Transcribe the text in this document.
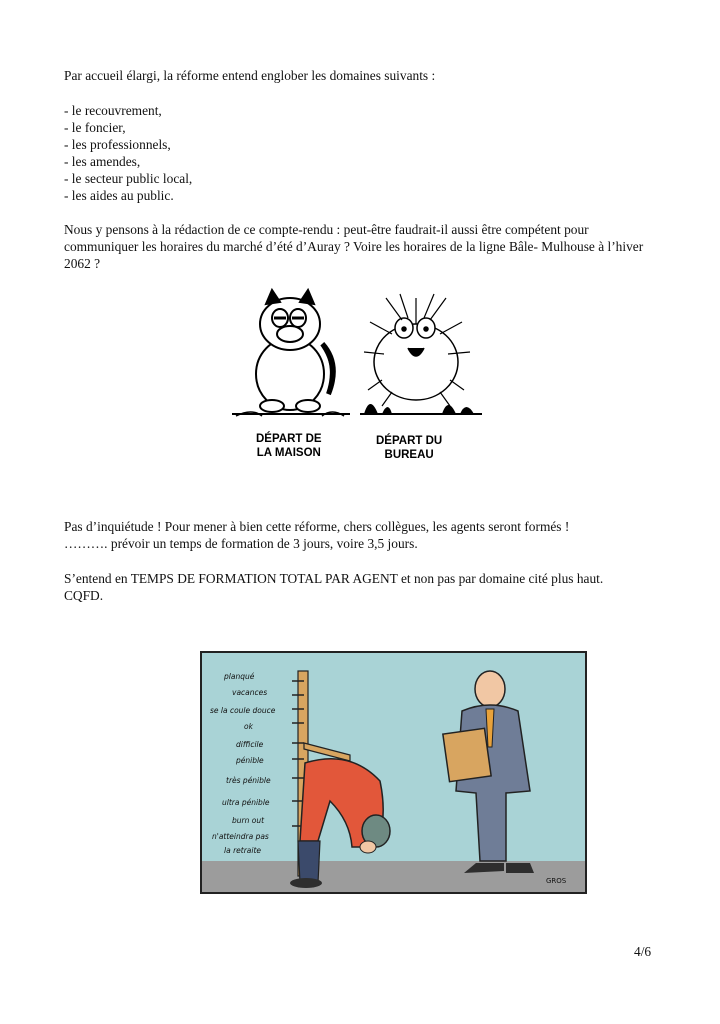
Par accueil élargi, la réforme entend englober les domaines suivants :

- le recouvrement,
- le foncier,
- les professionnels,
- les amendes,
- le secteur public local,
- les aides au public.

Nous y pensons à la rédaction de ce compte-rendu : peut-être faudrait-il aussi être compétent pour communiquer les horaires du marché d’été d’Auray ? Voire les horaires de la ligne Bâle- Mulhouse à l’hiver 2062 ?

DÉPART DE
LA MAISON
DÉPART DU
BUREAU

Pas d’inquiétude ! Pour mener à bien cette réforme, chers collègues, les agents seront formés !
………. prévoir un temps de formation de 3 jours, voire 3,5 jours.

S’entend en TEMPS DE FORMATION TOTAL PAR AGENT et non pas par domaine cité plus haut. CQFD.

planqué
vacances
se la coule douce
ok
difficile
pénible
très pénible
ultra pénible
burn out
n'atteindra pas
la retraite
GROS
4/6
